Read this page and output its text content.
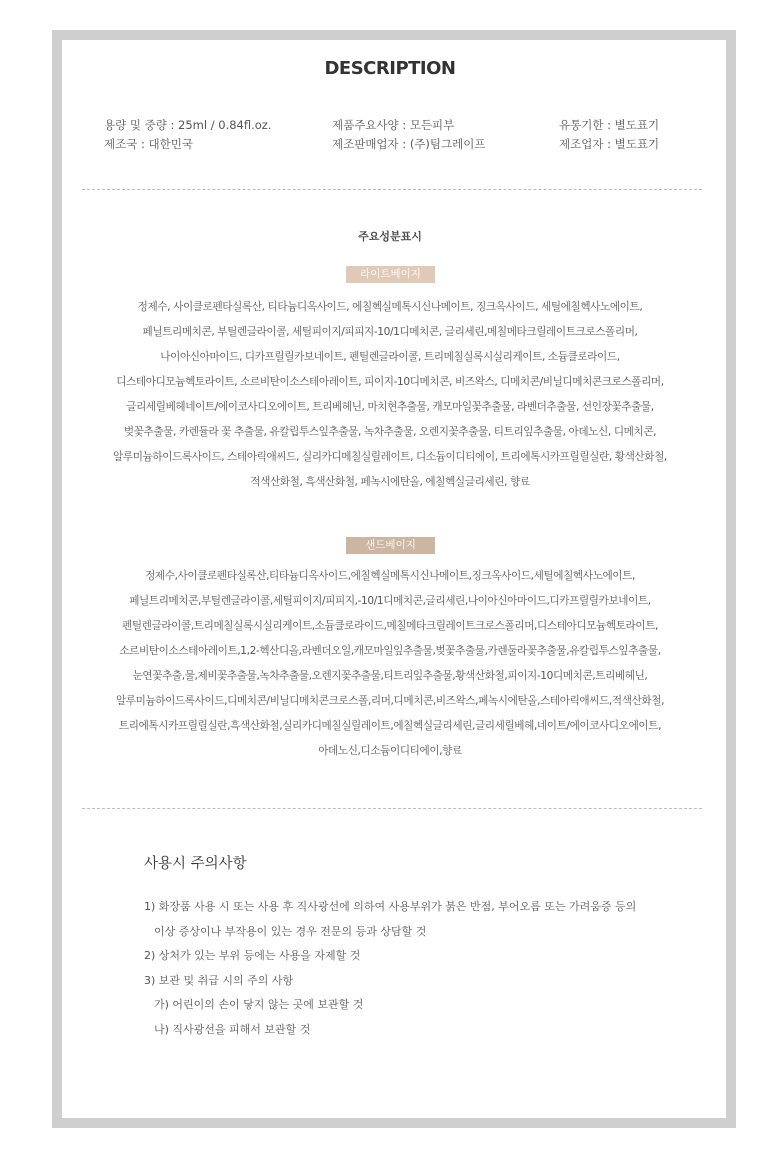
DESCRIPTION
용량 및 중량 : 25ml / 0.84fl.oz.	제품주요사양 : 모든피부	유통기한 : 별도표기
제조국 : 대한민국	제조판매업자 : (주)팀그레이프	제조업자 : 별도표기
주요성분표시
라이트베이지
정제수, 사이클로펜타실록산, 티타늄디옥사이드, 에칠헥실메톡시신나메이트, 징크옥사이드, 세틸에칠헥사노에이트,
페닐트리메치콘, 부틸렌글라이콜, 세틸피이지/피피지-10/1디메치콘, 글리세린,메칠메타크릴레이트크로스폴리머,
나이아신아마이드, 디카프릴릴카보네이트, 펜틸렌글라이콜, 트리메칠실록시실리케이트, 소듐클로라이드,
디스테아디모늄헥토라이트, 소르비탄이소스테아레이트, 피이지-10디메치콘, 비즈왁스, 디메치콘/비닐디메치콘크로스폴리머,
글리세릴베헤네이트/에이코사디오에이트, 트리베헤닌, 마치현추출물, 캐모마일꽃추출물, 라벤더추출물, 선인장꽃추출물,
벚꽃추출물, 카렌듈라 꽃 추출물, 유칼립투스잎추출물, 녹차추출물, 오렌지꽃추출물, 티트리잎추출물, 아데노신, 디메치콘,
알루미늄하이드록사이드, 스테아릭애씨드, 실리카디메칠실릴레이트, 디소듐이디티에이, 트리에톡시카프릴릴실란, 황색산화철,
적색산화철, 흑색산화철, 페녹시에탄올, 에칠헥실글리세린, 향료
샌드베이지
정제수,사이클로펜타실록산,티타늄디옥사이드,에칠헥실메톡시신나메이트,징크옥사이드,세틸에칠헥사노에이트,
페닐트리메치콘,부틸렌글라이콜,세틸피이지/피피지,-10/1디메치콘,글리세린,나이아신아마이드,디카프릴릴카보네이트,
펜틸렌글라이콜,트리메칠실록시실리케이트,소듐클로라이드,메칠메타크릴레이트크로스폴리머,디스테아디모늄헥토라이트,
소르비탄이소스테아레이트,1,2-헥산디올,라벤더오일,캐모마일잎추출물,벚꽃추출물,카렌둘라꽃추출물,유칼립투스잎추출물,
눈연꽃추출,물,제비꽃추출물,녹차추출물,오렌지꽃추출물,티트리잎추출물,황색산화철,피이지-10디메치콘,트리베헤닌,
알루미늄하이드록사이드,디메치콘/비닐디메치콘크로스폴,리머,디메치콘,비즈왁스,페녹시에탄올,스테아릭애씨드,적색산화철,
트리에톡시카프릴릴실란,흑색산화철,실리카디메칠실릴레이트,에칠헥실글리세린,글리세릴베헤,네이트/에이코사디오에이트,
아데노신,디소듐이디티에이,향료
사용시 주의사항
1) 화장품 사용 시 또는 사용 후 직사광선에 의하여 사용부위가 붉은 반점, 부어오름 또는 가려움증 등의
이상 증상이나 부작용이 있는 경우 전문의 등과 상담할 것
2) 상처가 있는 부위 등에는 사용을 자제할 것
3) 보관 및 취급 시의 주의 사항
가) 어린이의 손이 닿지 않는 곳에 보관할 것
나) 직사광선을 피해서 보관할 것
